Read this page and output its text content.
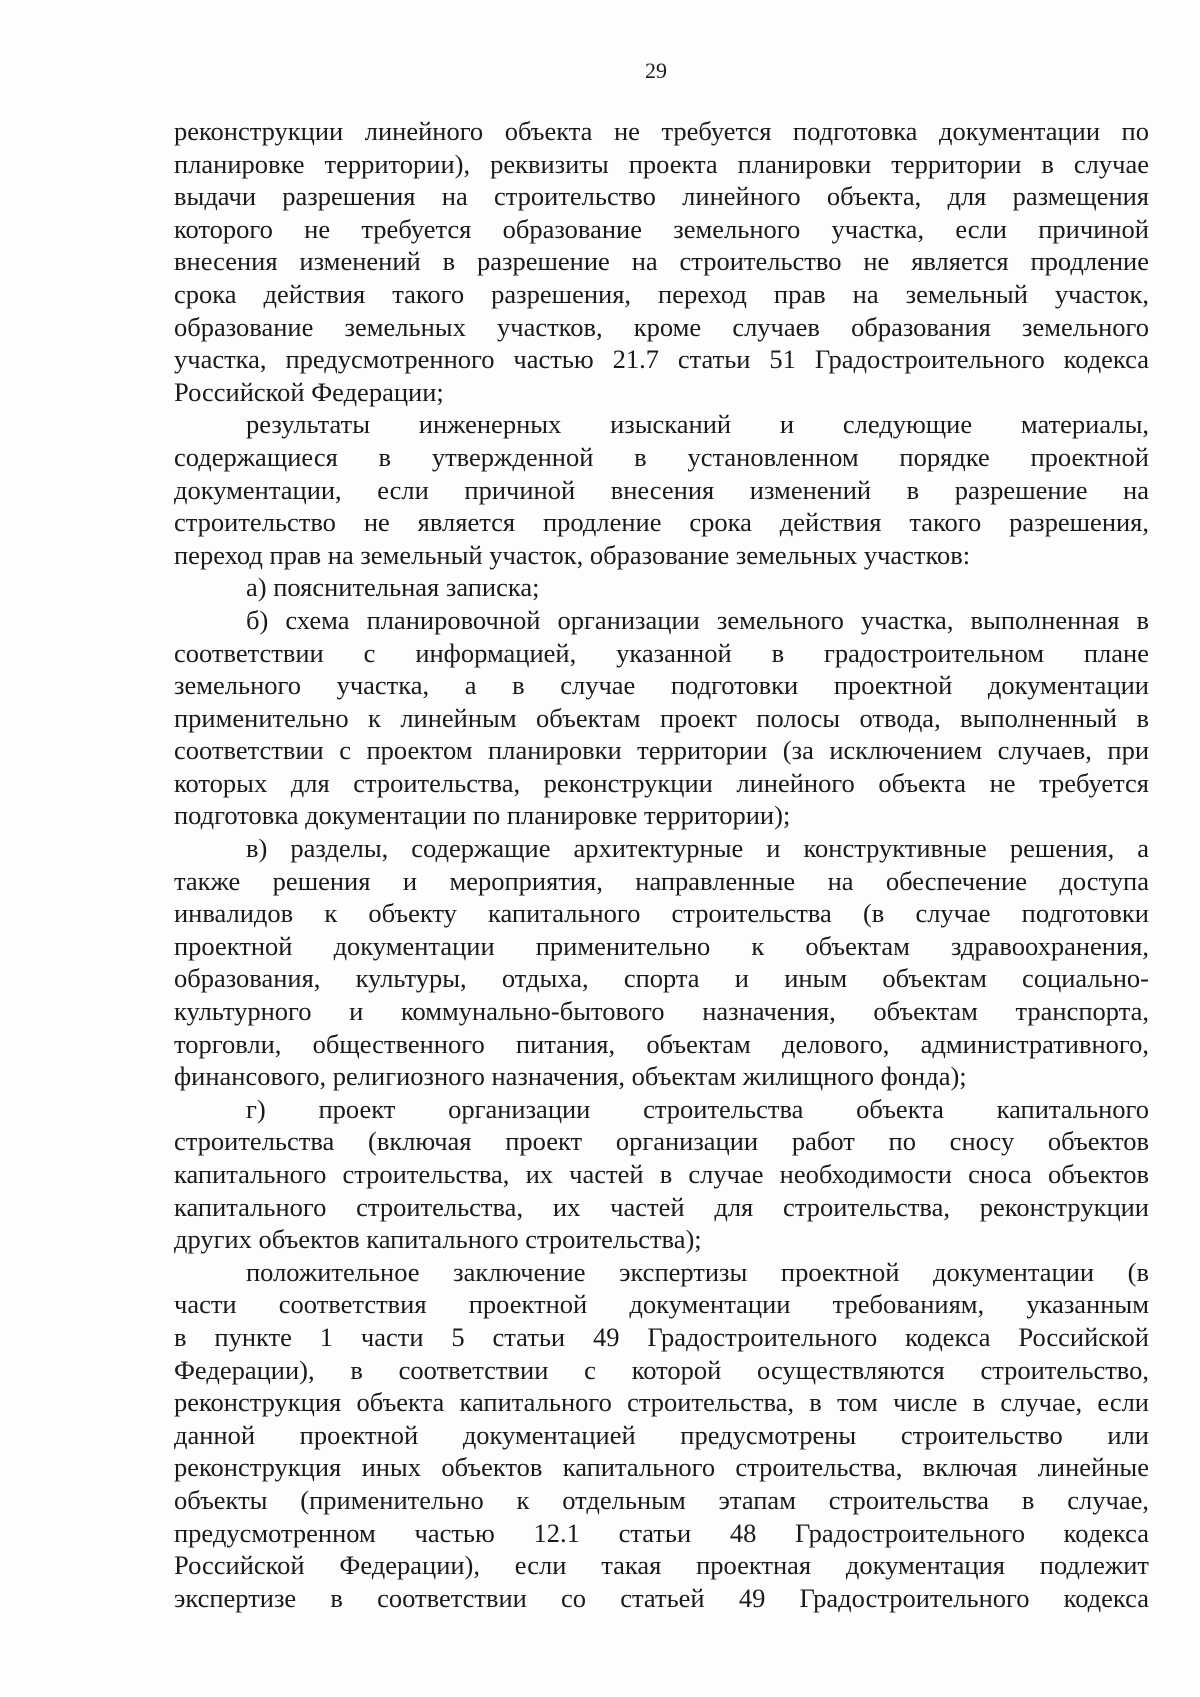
29
реконструкции линейного объекта не требуется подготовка документации по
планировке территории), реквизиты проекта планировки территории в случае
выдачи разрешения на строительство линейного объекта, для размещения
которого не требуется образование земельного участка, если причиной
внесения изменений в разрешение на строительство не является продление
срока действия такого разрешения, переход прав на земельный участок,
образование земельных участков, кроме случаев образования земельного
участка, предусмотренного частью 21.7 статьи 51 Градостроительного кодекса
Российской Федерации;
результаты инженерных изысканий и следующие материалы,
содержащиеся в утвержденной в установленном порядке проектной
документации, если причиной внесения изменений в разрешение на
строительство не является продление срока действия такого разрешения,
переход прав на земельный участок, образование земельных участков:
а) пояснительная записка;
б) схема планировочной организации земельного участка, выполненная в
соответствии с информацией, указанной в градостроительном плане
земельного участка, а в случае подготовки проектной документации
применительно к линейным объектам проект полосы отвода, выполненный в
соответствии с проектом планировки территории (за исключением случаев, при
которых для строительства, реконструкции линейного объекта не требуется
подготовка документации по планировке территории);
в) разделы, содержащие архитектурные и конструктивные решения, а
также решения и мероприятия, направленные на обеспечение доступа
инвалидов к объекту капитального строительства (в случае подготовки
проектной документации применительно к объектам здравоохранения,
образования, культуры, отдыха, спорта и иным объектам социально-
культурного и коммунально-бытового назначения, объектам транспорта,
торговли, общественного питания, объектам делового, административного,
финансового, религиозного назначения, объектам жилищного фонда);
г) проект организации строительства объекта капитального
строительства (включая проект организации работ по сносу объектов
капитального строительства, их частей в случае необходимости сноса объектов
капитального строительства, их частей для строительства, реконструкции
других объектов капитального строительства);
положительное заключение экспертизы проектной документации (в
части соответствия проектной документации требованиям, указанным
в пункте 1 части 5 статьи 49 Градостроительного кодекса Российской
Федерации), в соответствии с которой осуществляются строительство,
реконструкция объекта капитального строительства, в том числе в случае, если
данной проектной документацией предусмотрены строительство или
реконструкция иных объектов капитального строительства, включая линейные
объекты (применительно к отдельным этапам строительства в случае,
предусмотренном частью 12.1 статьи 48 Градостроительного кодекса
Российской Федерации), если такая проектная документация подлежит
экспертизе в соответствии со статьей 49 Градостроительного кодекса
